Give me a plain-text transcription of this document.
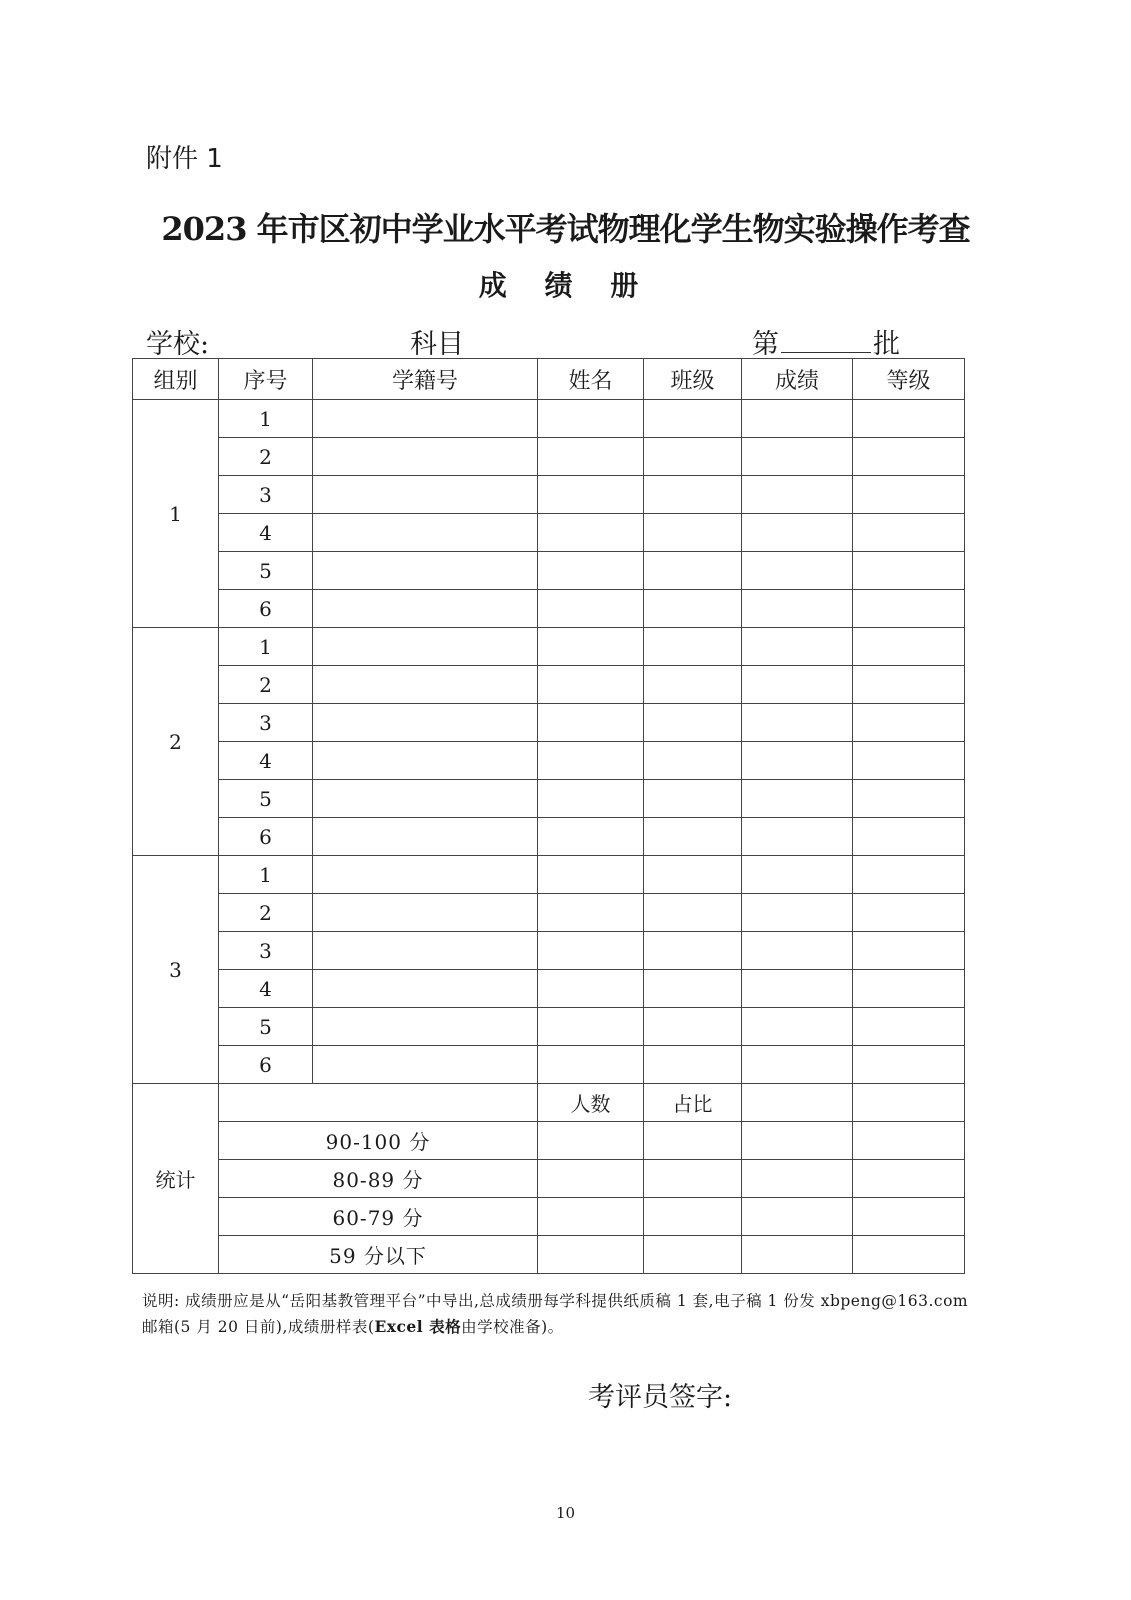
附件 1
2023 年市区初中学业水平考试物理化学生物实验操作考查
成 绩 册
学校:	科目	第	批
组别	序号	学籍号	姓名	班级	成绩	等级
1	1					
	2					
	3					
	4					
	5					
	6					
2	1					
	2					
	3					
	4					
	5					
	6					
3	1					
	2					
	3					
	4					
	5					
	6					
统计			人数	占比		
	90-100 分					
	80-89 分					
	60-79 分					
	59 分以下					
说明: 成绩册应是从“岳阳基教管理平台”中导出,总成绩册每学科提供纸质稿 1 套,电子稿 1 份发 xbpeng@163.com 邮箱(5 月 20 日前),成绩册样表(Excel 表格由学校准备)。
考评员签字:
10
